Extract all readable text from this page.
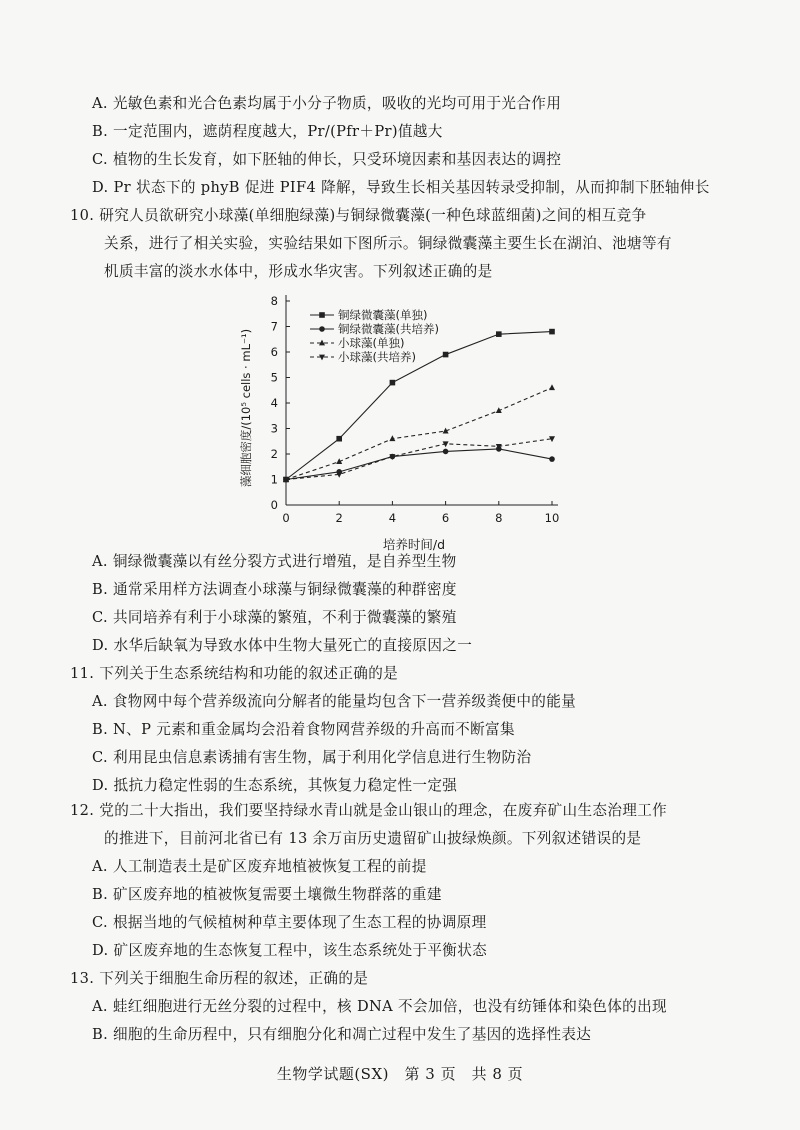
A. 光敏色素和光合色素均属于小分子物质，吸收的光均可用于光合作用
B. 一定范围内，遮荫程度越大，Pr/(Pfr＋Pr)值越大
C. 植物的生长发育，如下胚轴的伸长，只受环境因素和基因表达的调控
D. Pr 状态下的 phyB 促进 PIF4 降解，导致生长相关基因转录受抑制，从而抑制下胚轴伸长
10. 研究人员欲研究小球藻(单细胞绿藻)与铜绿微囊藻(一种色球蓝细菌)之间的相互竞争
关系，进行了相关实验，实验结果如下图所示。铜绿微囊藻主要生长在湖泊、池塘等有
机质丰富的淡水水体中，形成水华灾害。下列叙述正确的是
0
1
2
3
4
5
6
7
8
0	2	4	6	8	10
铜绿微囊藻(单独)
铜绿微囊藻(共培养)
小球藻(单独)
小球藻(共培养)
藻细胞密度/(10⁵ cells · mL⁻¹)
培养时间/d
A. 铜绿微囊藻以有丝分裂方式进行增殖，是自养型生物
B. 通常采用样方法调查小球藻与铜绿微囊藻的种群密度
C. 共同培养有利于小球藻的繁殖，不利于微囊藻的繁殖
D. 水华后缺氧为导致水体中生物大量死亡的直接原因之一
11. 下列关于生态系统结构和功能的叙述正确的是
A. 食物网中每个营养级流向分解者的能量均包含下一营养级粪便中的能量
B. N、P 元素和重金属均会沿着食物网营养级的升高而不断富集
C. 利用昆虫信息素诱捕有害生物，属于利用化学信息进行生物防治
D. 抵抗力稳定性弱的生态系统，其恢复力稳定性一定强
12. 党的二十大指出，我们要坚持绿水青山就是金山银山的理念，在废弃矿山生态治理工作
的推进下，目前河北省已有 13 余万亩历史遗留矿山披绿焕颜。下列叙述错误的是
A. 人工制造表土是矿区废弃地植被恢复工程的前提
B. 矿区废弃地的植被恢复需要土壤微生物群落的重建
C. 根据当地的气候植树种草主要体现了生态工程的协调原理
D. 矿区废弃地的生态恢复工程中，该生态系统处于平衡状态
13. 下列关于细胞生命历程的叙述，正确的是
A. 蛙红细胞进行无丝分裂的过程中，核 DNA 不会加倍，也没有纺锤体和染色体的出现
B. 细胞的生命历程中，只有细胞分化和凋亡过程中发生了基因的选择性表达
生物学试题(SX)　第 3 页　共 8 页
